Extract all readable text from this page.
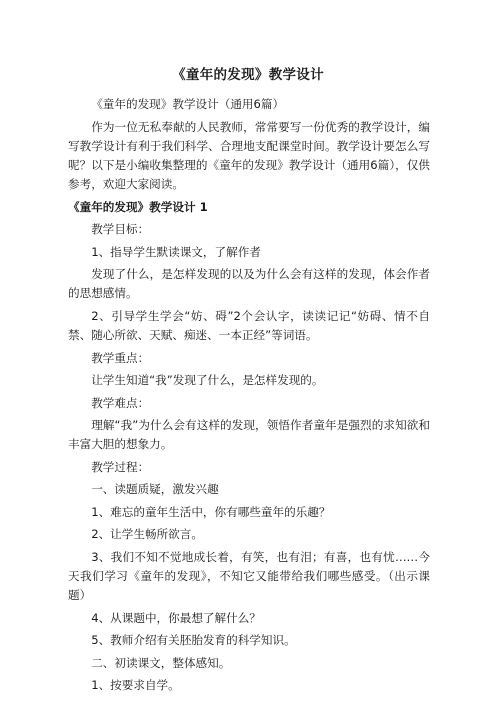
《童年的发现》教学设计

《童年的发现》教学设计（通用6篇）

作为一位无私奉献的人民教师，常常要写一份优秀的教学设计，编写教学设计有利于我们科学、合理地支配课堂时间。教学设计要怎么写呢？以下是小编收集整理的《童年的发现》教学设计（通用6篇），仅供参考，欢迎大家阅读。

《童年的发现》教学设计 1

教学目标：

1、指导学生默读课文，了解作者

发现了什么，是怎样发现的以及为什么会有这样的发现，体会作者的思想感情。

2、引导学生学会“妨、碍”2个会认字，读读记记“妨碍、情不自禁、随心所欲、天赋、痴迷、一本正经”等词语。

教学重点：

让学生知道“我”发现了什么，是怎样发现的。

教学难点：

理解“我”为什么会有这样的发现，领悟作者童年是强烈的求知欲和丰富大胆的想象力。

教学过程：

一、读题质疑，激发兴趣

1、难忘的童年生活中，你有哪些童年的乐趣？

2、让学生畅所欲言。

3、我们不知不觉地成长着，有笑，也有泪；有喜，也有忧……今天我们学习《童年的发现》，不知它又能带给我们哪些感受。（出示课题）

4、从课题中，你最想了解什么？

5、教师介绍有关胚胎发育的科学知识。

二、初读课文，整体感知。

1、按要求自学。
